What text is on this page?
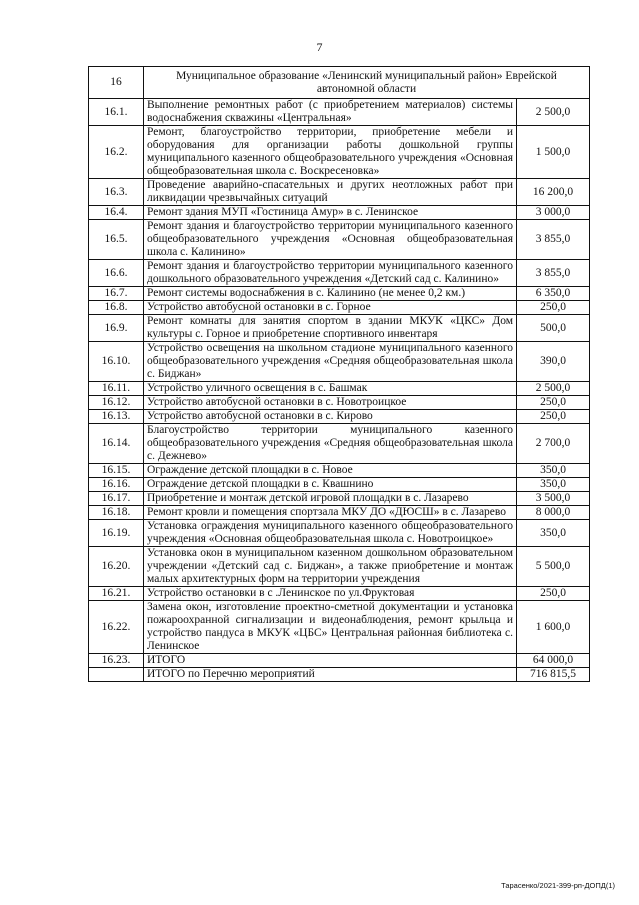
7
16	Муниципальное образование «Ленинский муниципальный район» Еврейской автономной области	
16.1.	Выполнение ремонтных работ (с приобретением материалов) системы водоснабжения скважины «Центральная»	2 500,0
16.2.	Ремонт, благоустройство территории, приобретение мебели и оборудования для организации работы дошкольной группы муниципального казенного общеобразовательного учреждения «Основная общеобразовательная школа с. Воскресеновка»	1 500,0
16.3.	Проведение аварийно-спасательных и других неотложных работ при ликвидации чрезвычайных ситуаций	16 200,0
16.4.	Ремонт здания МУП «Гостиница Амур» в с. Ленинское	3 000,0
16.5.	Ремонт здания и благоустройство территории муниципального казенного общеобразовательного учреждения «Основная общеобразовательная школа с. Калинино»	3 855,0
16.6.	Ремонт здания и благоустройство территории муниципального казенного дошкольного образовательного учреждения «Детский сад с. Калинино»	3 855,0
16.7.	Ремонт системы водоснабжения в с. Калинино (не менее 0,2 км.)	6 350,0
16.8.	Устройство автобусной остановки в с. Горное	250,0
16.9.	Ремонт комнаты для занятия спортом в здании МКУК «ЦКС» Дом культуры с. Горное и приобретение спортивного инвентаря	500,0
16.10.	Устройство освещения на школьном стадионе муниципального казенного общеобразовательного учреждения «Средняя общеобразовательная школа с. Биджан»	390,0
16.11.	Устройство уличного освещения в с. Башмак	2 500,0
16.12.	Устройство автобусной остановки в с. Новотроицкое	250,0
16.13.	Устройство автобусной остановки в с. Кирово	250,0
16.14.	Благоустройство территории муниципального казенного общеобразовательного учреждения «Средняя общеобразовательная школа с. Дежнево»	2 700,0
16.15.	Ограждение детской площадки в с. Новое	350,0
16.16.	Ограждение детской площадки в с. Квашнино	350,0
16.17.	Приобретение и монтаж детской игровой площадки в с. Лазарево	3 500,0
16.18.	Ремонт кровли и помещения спортзала МКУ ДО «ДЮСШ» в с. Лазарево	8 000,0
16.19.	Установка ограждения муниципального казенного общеобразовательного учреждения «Основная общеобразовательная школа с. Новотроицкое»	350,0
16.20.	Установка окон в муниципальном казенном дошкольном образовательном учреждении «Детский сад с. Биджан», а также приобретение и монтаж малых архитектурных форм на территории учреждения	5 500,0
16.21.	Устройство остановки в с .Ленинское по ул.Фруктовая	250,0
16.22.	Замена окон, изготовление проектно-сметной документации и установка пожароохранной сигнализации и видеонаблюдения, ремонт крыльца и устройство пандуса в МКУК «ЦБС» Центральная районная библиотека с. Ленинское	1 600,0
16.23.	ИТОГО	64 000,0
	ИТОГО по Перечню мероприятий	716 815,5
Тарасенко/2021-399-рп-ДОПД(1)
